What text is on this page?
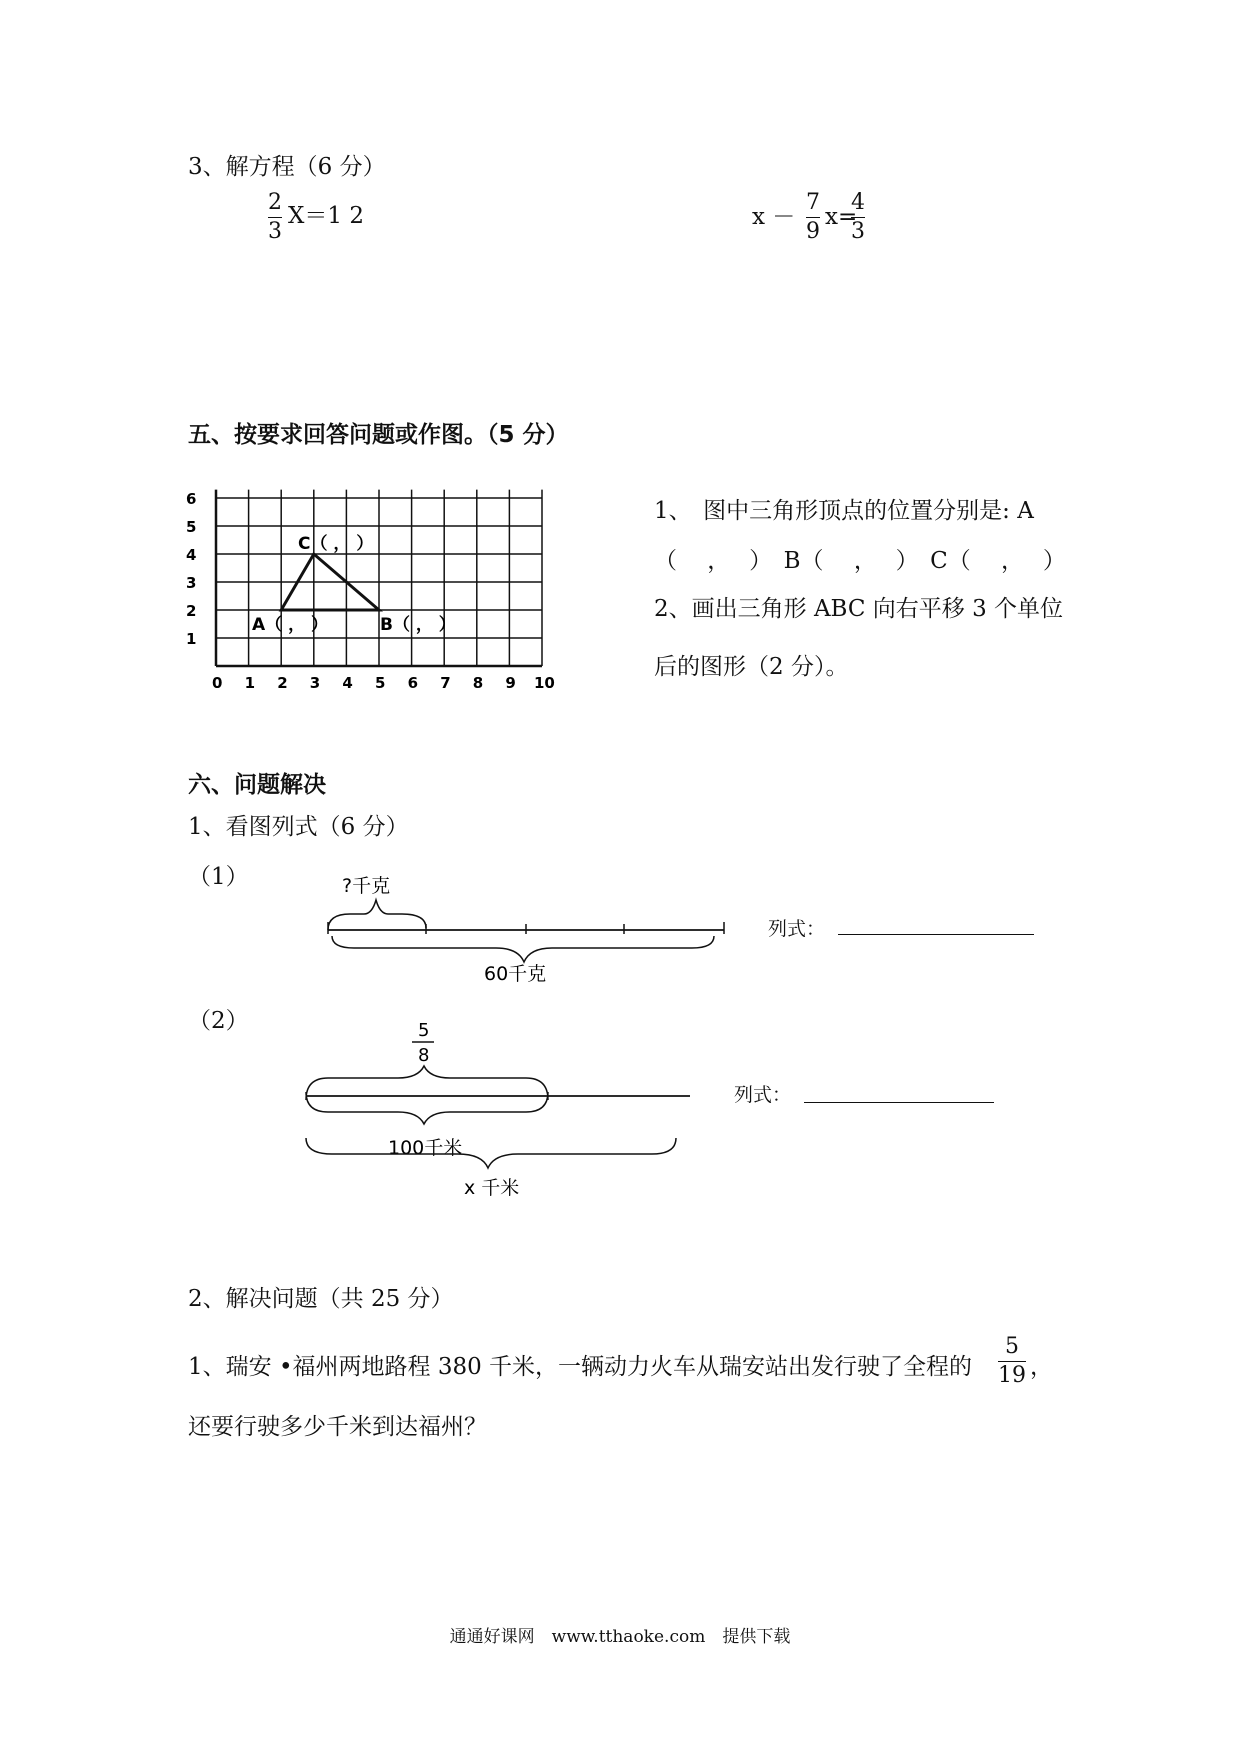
3、解方程（6 分）
2
3
X＝1 2	x －
7
9
x=
4
3
五、按要求回答问题或作图。（5 分）
0 1 2 3 4 5 6 7 8 9 10
1
2
3
4
5
6
C（ ， ）
A（ ， ）	B（ ， ）
1、　图中三角形顶点的位置分别是: A
（　 ，　 ）　B（　 ，　 ）　C（　 ，　 ）
2、画出三角形 ABC 向右平移 3 个单位
后的图形（2 分）。
六、问题解决
1、看图列式（6 分）
（1）	?千克
60千克
列式：
（2）	5
8
100千米
x 千米
列式：
2、解决问题（共 25 分）
1、瑞安 •福州两地路程 380 千米，一辆动力火车从瑞安站出发行驶了全程的
5
19 ，
还要行驶多少千米到达福州？
通通好课网　www.tthaoke.com　提供下载
